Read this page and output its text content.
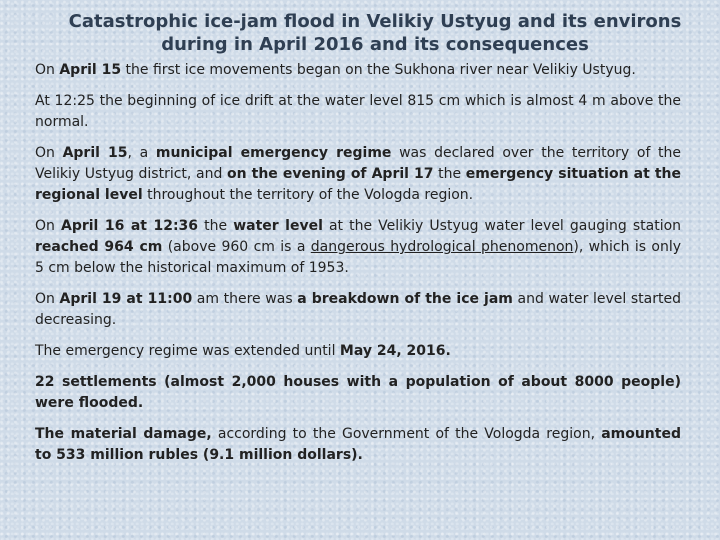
Catastrophic ice-jam flood in Velikiy Ustyug and its environs
during in April 2016 and its consequences

On April 15 the first ice movements began on the Sukhona river near Velikiy Ustyug.

At 12:25 the beginning of ice drift at the water level 815 cm which is almost 4 m above the normal.

On April 15, a municipal emergency regime was declared over the territory of the Velikiy Ustyug district, and on the evening of April 17 the emergency situation at the regional level throughout the territory of the Vologda region.

On April 16 at 12:36 the water level at the Velikiy Ustyug water level gauging station reached 964 cm (above 960 cm is a dangerous hydrological phenomenon), which is only 5 cm below the historical maximum of 1953.

On April 19 at 11:00 am there was a breakdown of the ice jam and water level started decreasing.

The emergency regime was extended until May 24, 2016.

22 settlements (almost 2,000 houses with a population of about 8000 people) were flooded.

The material damage, according to the Government of the Vologda region, amounted to 533 million rubles (9.1 million dollars).
